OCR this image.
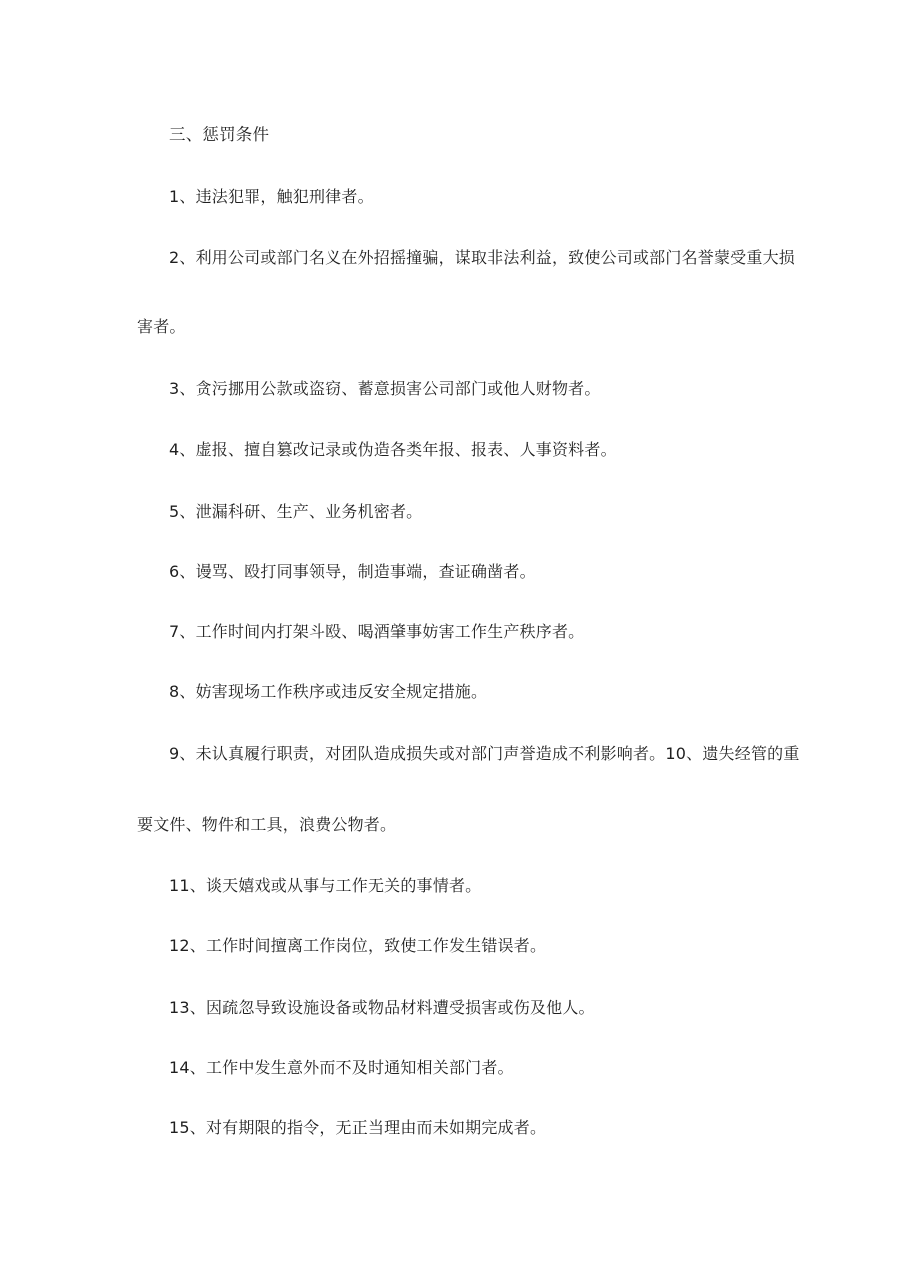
三、惩罚条件
1、违法犯罪，触犯刑律者。
2、利用公司或部门名义在外招摇撞骗，谋取非法利益，致使公司或部门名誉蒙受重大损
害者。
3、贪污挪用公款或盗窃、蓄意损害公司部门或他人财物者。
4、虚报、擅自篡改记录或伪造各类年报、报表、人事资料者。
5、泄漏科研、生产、业务机密者。
6、谩骂、殴打同事领导，制造事端，查证确凿者。
7、工作时间内打架斗殴、喝酒肇事妨害工作生产秩序者。
8、妨害现场工作秩序或违反安全规定措施。
9、未认真履行职责，对团队造成损失或对部门声誉造成不利影响者。10、遗失经管的重
要文件、物件和工具，浪费公物者。
11、谈天嬉戏或从事与工作无关的事情者。
12、工作时间擅离工作岗位，致使工作发生错误者。
13、因疏忽导致设施设备或物品材料遭受损害或伤及他人。
14、工作中发生意外而不及时通知相关部门者。
15、对有期限的指令，无正当理由而未如期完成者。
